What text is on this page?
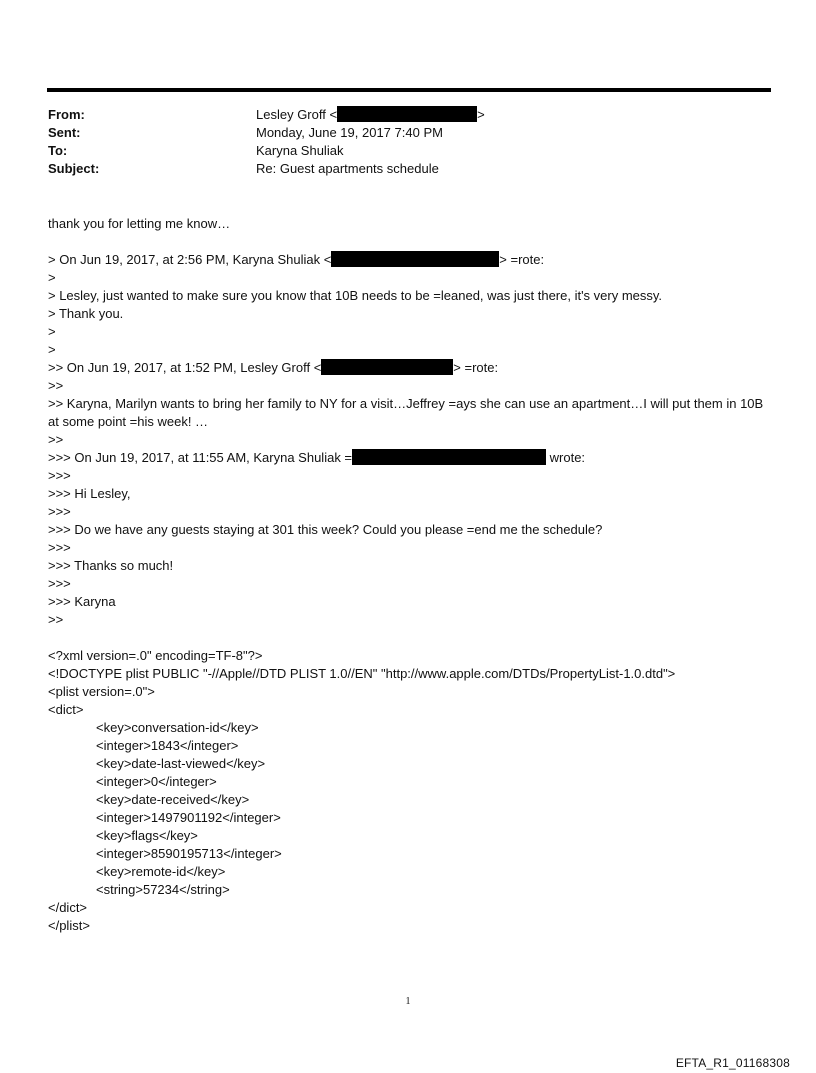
From:	Lesley Groff <	>
Sent:	Monday, June 19, 2017 7:40 PM
To:	Karyna Shuliak
Subject:	Re: Guest apartments schedule
thank you for letting me know…
> On Jun 19, 2017, at 2:56 PM, Karyna Shuliak <	> =rote:
>
> Lesley, just wanted to make sure you know that 10B needs to be =leaned, was just there, it's very messy.
> Thank you.
>
>
>> On Jun 19, 2017, at 1:52 PM, Lesley Groff <	> =rote:
>>
>> Karyna, Marilyn wants to bring her family to NY for a visit…Jeffrey =ays she can use an apartment…I will put them in 10B at some point =his week! …
>>
>>> On Jun 19, 2017, at 11:55 AM, Karyna Shuliak =	wrote:
>>>
>>> Hi Lesley,
>>>
>>> Do we have any guests staying at 301 this week? Could you please =end me the schedule?
>>>
>>> Thanks so much!
>>>
>>> Karyna
>>
<?xml version=.0" encoding=TF-8"?>
<!DOCTYPE plist PUBLIC "-//Apple//DTD PLIST 1.0//EN" "http://www.apple.com/DTDs/PropertyList-1.0.dtd">
<plist version=.0">
<dict>
<key>conversation-id</key>
<integer>1843</integer>
<key>date-last-viewed</key>
<integer>0</integer>
<key>date-received</key>
<integer>1497901192</integer>
<key>flags</key>
<integer>8590195713</integer>
<key>remote-id</key>
<string>57234</string>
</dict>
</plist>
1
EFTA_R1_01168308
